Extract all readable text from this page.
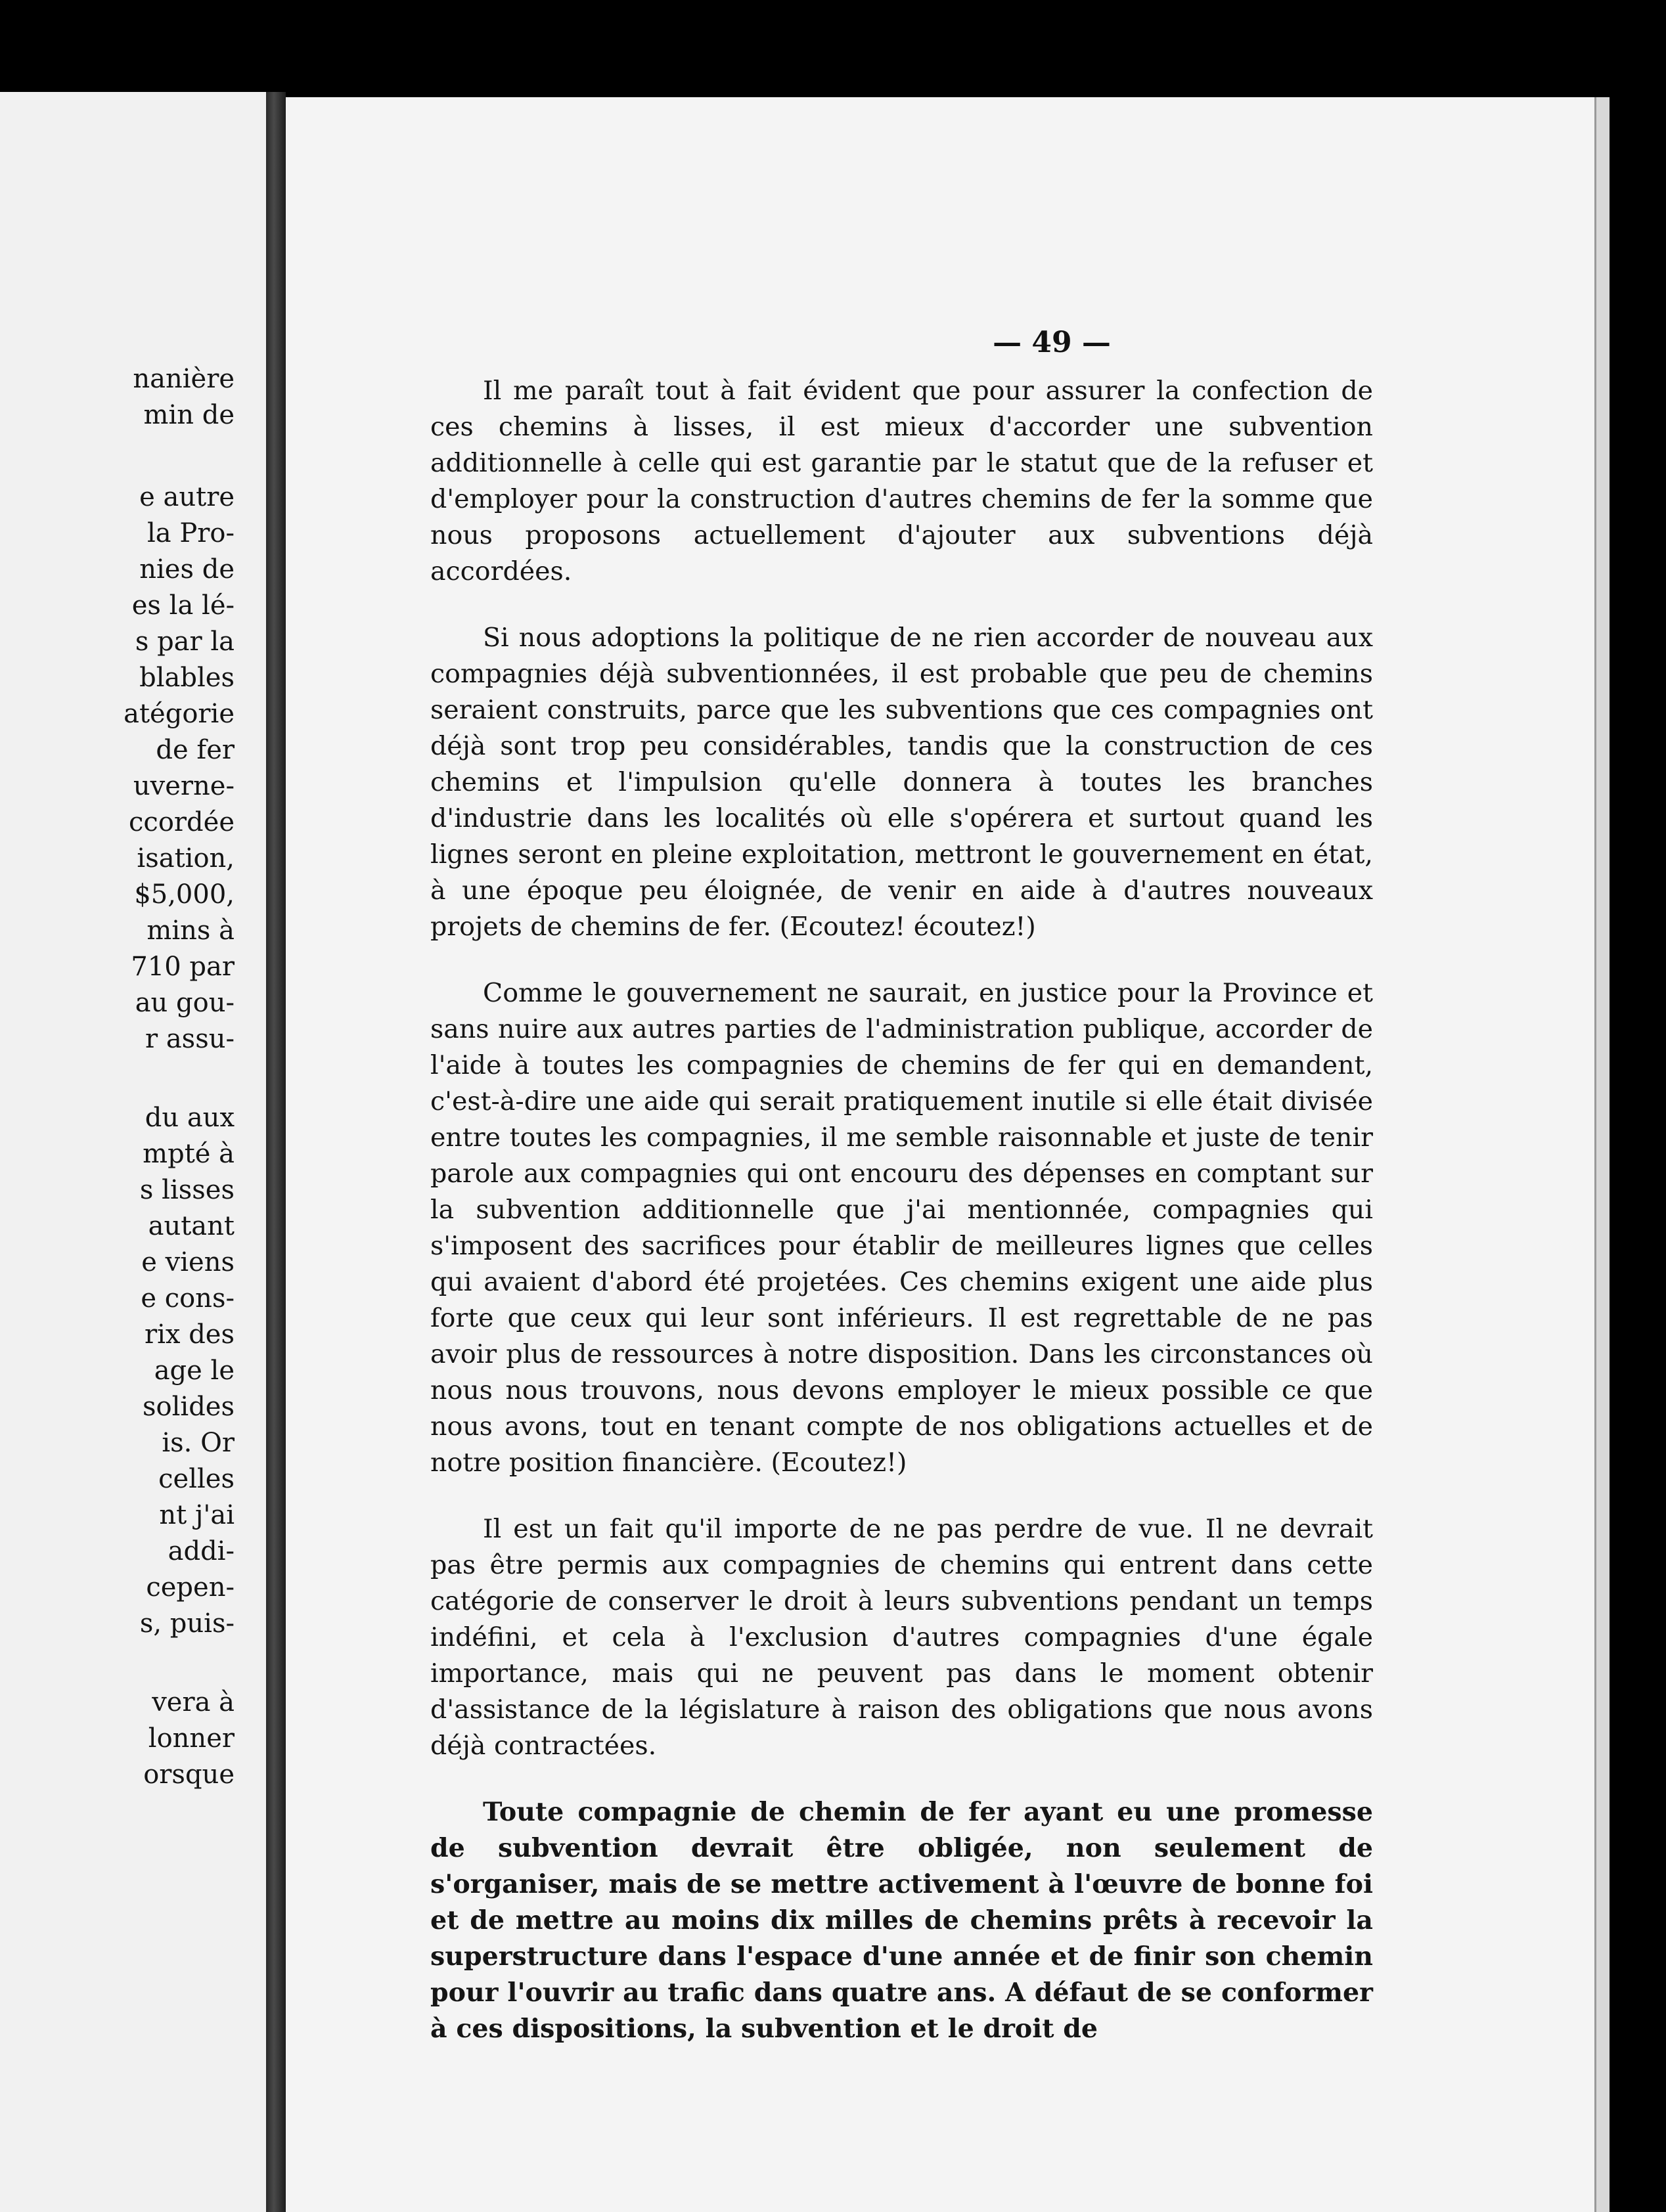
nanière
min de
e autre
la Pro-
nies de
es la lé-
s par la
blables
atégorie
de fer
uverne-
ccordée
isation,
$5,000,
mins à
710 par
au gou-
r assu-
du aux
mpté à
s lisses
autant
e viens
e cons-
rix des
age le
solides
is. Or
celles
nt j'ai
addi-
cepen-
s, puis-
vera à
lonner
orsque
— 49 —

Il me paraît tout à fait évident que pour assurer la confection de ces chemins à lisses, il est mieux d'accorder une subvention additionnelle à celle qui est garantie par le statut que de la refuser et d'employer pour la construction d'autres chemins de fer la somme que nous proposons actuellement d'ajouter aux subventions déjà accordées.

Si nous adoptions la politique de ne rien accorder de nouveau aux compagnies déjà subventionnées, il est probable que peu de chemins seraient construits, parce que les subventions que ces compagnies ont déjà sont trop peu considérables, tandis que la construction de ces chemins et l'impulsion qu'elle donnera à toutes les branches d'industrie dans les localités où elle s'opérera et surtout quand les lignes seront en pleine exploitation, mettront le gouvernement en état, à une époque peu éloignée, de venir en aide à d'autres nouveaux projets de chemins de fer. (Ecoutez! écoutez!)

Comme le gouvernement ne saurait, en justice pour la Province et sans nuire aux autres parties de l'administration publique, accorder de l'aide à toutes les compagnies de chemins de fer qui en demandent, c'est-à-dire une aide qui serait pratiquement inutile si elle était divisée entre toutes les compagnies, il me semble raisonnable et juste de tenir parole aux compagnies qui ont encouru des dépenses en comptant sur la subvention additionnelle que j'ai mentionnée, compagnies qui s'imposent des sacrifices pour établir de meilleures lignes que celles qui avaient d'abord été projetées. Ces chemins exigent une aide plus forte que ceux qui leur sont inférieurs. Il est regrettable de ne pas avoir plus de ressources à notre disposition. Dans les circonstances où nous nous trouvons, nous devons employer le mieux possible ce que nous avons, tout en tenant compte de nos obligations actuelles et de notre position financière. (Ecoutez!)

Il est un fait qu'il importe de ne pas perdre de vue. Il ne devrait pas être permis aux compagnies de chemins qui entrent dans cette catégorie de conserver le droit à leurs subventions pendant un temps indéfini, et cela à l'exclusion d'autres compagnies d'une égale importance, mais qui ne peuvent pas dans le moment obtenir d'assistance de la législature à raison des obligations que nous avons déjà contractées.

Toute compagnie de chemin de fer ayant eu une promesse de subvention devrait être obligée, non seulement de s'organiser, mais de se mettre activement à l'œuvre de bonne foi et de mettre au moins dix milles de chemins prêts à recevoir la superstructure dans l'espace d'une année et de finir son chemin pour l'ouvrir au trafic dans quatre ans. A défaut de se conformer à ces dispositions, la subvention et le droit de
